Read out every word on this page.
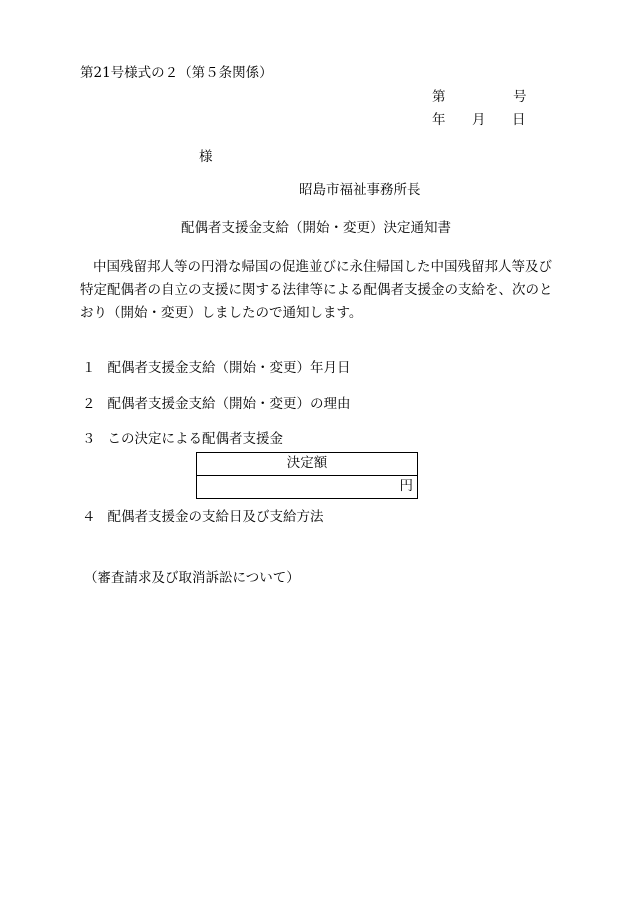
第21号様式の２（第５条関係）
第	号
年 月 日
様
昭島市福祉事務所長
配偶者支援金支給（開始・変更）決定通知書
中国残留邦人等の円滑な帰国の促進並びに永住帰国した中国残留邦人等及び
特定配偶者の自立の支援に関する法律等による配偶者支援金の支給を、次のと
おり（開始・変更）しましたので通知します。
１ 配偶者支援金支給（開始・変更）年月日
２ 配偶者支援金支給（開始・変更）の理由
３ この決定による配偶者支援金
決定額
円
４ 配偶者支援金の支給日及び支給方法
（審査請求及び取消訴訟について）
